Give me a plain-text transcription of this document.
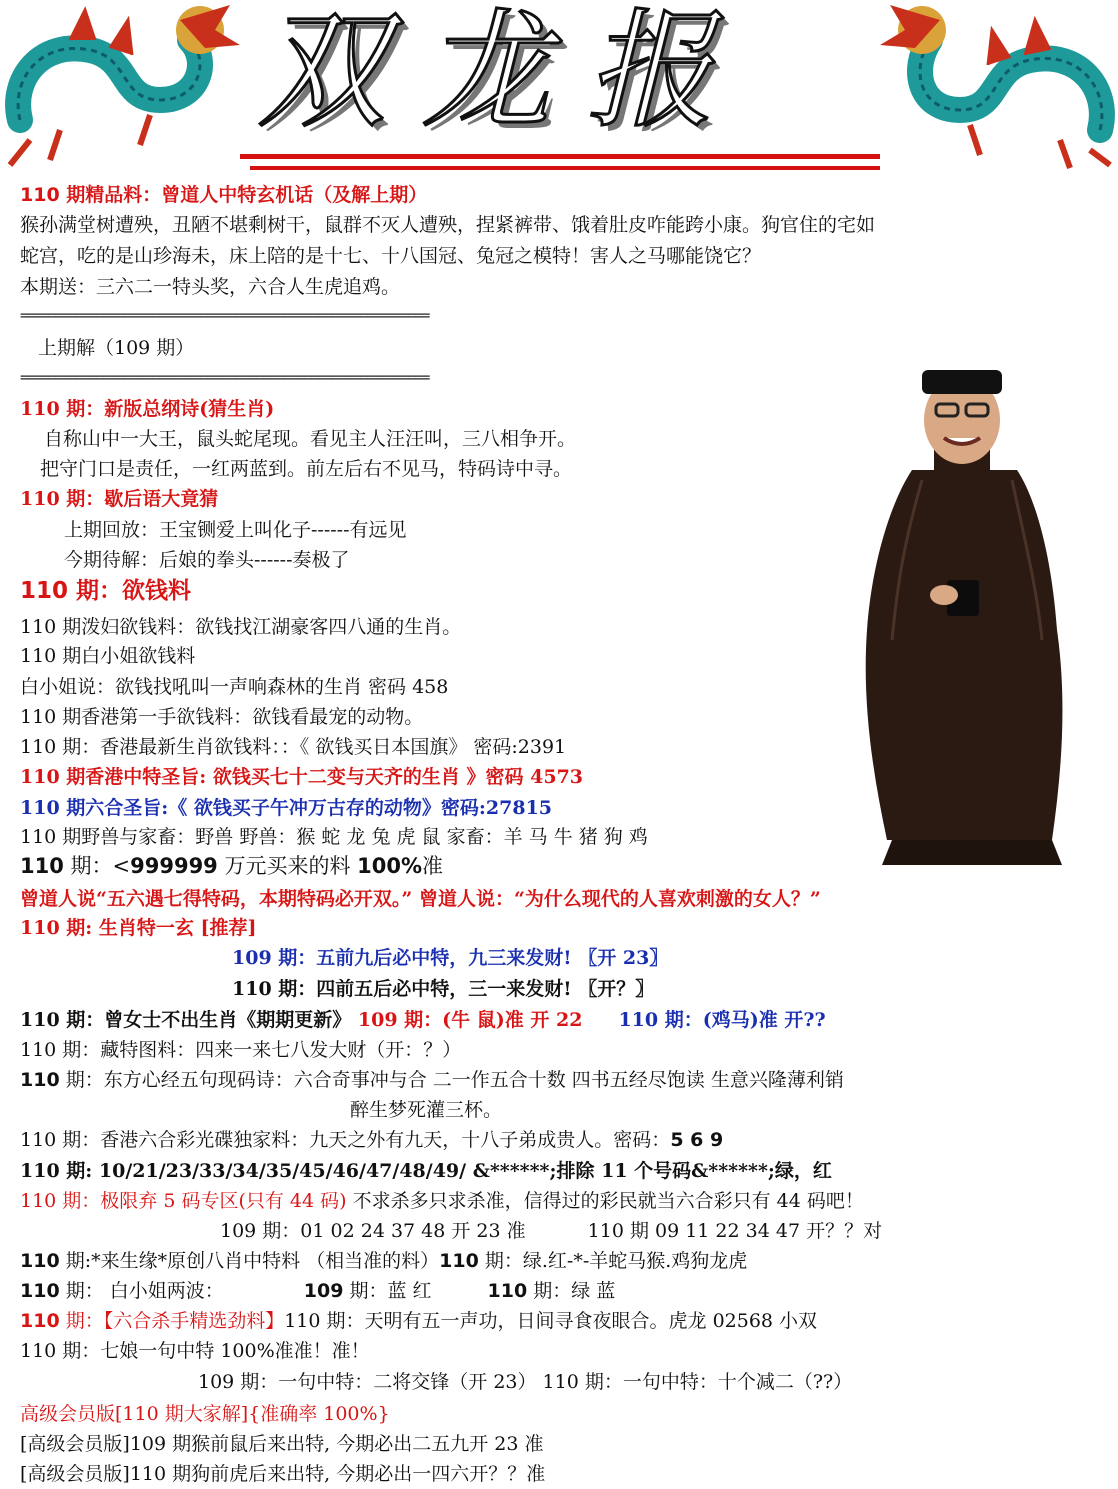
双龙报
110 期精品料：曾道人中特玄机话（及解上期）
猴孙满堂树遭殃，丑陋不堪剩树干，鼠群不灭人遭殃，捏紧裤带、饿着肚皮咋能跨小康。狗官住的宅如
蛇宫，吃的是山珍海未，床上陪的是十七、十八国冠、兔冠之模特！害人之马哪能饶它？
本期送：三六二一特头奖，六合人生虎追鸡。
===========================================================
上期解（109 期）
===========================================================
110 期：新版总纲诗(猜生肖)
自称山中一大王，鼠头蛇尾现。看见主人汪汪叫，三八相争开。
把守门口是责任，一红两蓝到。前左后右不见马，特码诗中寻。
110 期：歇后语大竟猜
上期回放：王宝铡爱上叫化子------有远见
今期待解：后娘的拳头------奏极了
110 期：欲钱料
110 期泼妇欲钱料：欲钱找江湖豪客四八通的生肖。
110 期白小姐欲钱料
白小姐说：欲钱找吼叫一声响森林的生肖 密码 458
110 期香港第一手欲钱料：欲钱看最宠的动物。
110 期：香港最新生肖欲钱料：：《 欲钱买日本国旗》 密码:2391
110 期香港中特圣旨: 欲钱买七十二变与天齐的生肖 》密码 4573
110 期六合圣旨:《 欲钱买子午冲万古存的动物》密码:27815
110 期野兽与家畜：野兽 野兽：猴 蛇 龙 兔 虎 鼠 家畜：羊 马 牛 猪 狗 鸡
110 期：<999999 万元买来的料 100%准
曾道人说“五六遇七得特码，本期特码必开双。” 曾道人说：“为什么现代的人喜欢刺激的女人？”
110 期: 生肖特一玄 [推荐]
109 期：五前九后必中特，九三来发财! 〖开 23〗
110 期：四前五后必中特，三一来发财! 〖开？〗
110 期：曾女士不出生肖《期期更新》 109 期：(牛 鼠)准 开 22 110 期：(鸡马)准 开??
110 期：藏特图料：四来一来七八发大财（开：？）
110 期：东方心经五句现码诗：六合奇事冲与合 二一作五合十数 四书五经尽饱读 生意兴隆薄利销
醉生梦死灌三杯。
110 期：香港六合彩光碟独家料：九天之外有九天，十八子弟成贵人。密码：5 6 9
110 期: 10/21/23/33/34/35/45/46/47/48/49/ &******;排除 11 个号码&******;绿，红
110 期：极限弃 5 码专区(只有 44 码) 不求杀多只求杀准，信得过的彩民就当六合彩只有 44 码吧！
109 期：01 02 24 37 48 开 23 准	110 期 09 11 22 34 47 开？？对
110 期:*来生缘*原创八肖中特料 （相当准的料）110 期：绿.红-*-羊蛇马猴.鸡狗龙虎
110 期： 白小姐两波：	109 期：蓝 红	110 期：绿 蓝
110 期：【六合杀手精选劲料】110 期：天明有五一声功，日间寻食夜眼合。虎龙 02568 小双
110 期：七娘一句中特 100%准准！准！
109 期：一句中特：二将交锋（开 23） 110 期：一句中特：十个减二（??）
高级会员版[110 期大家解]{准确率 100%}
[高级会员版]109 期猴前鼠后来出特, 今期必出二五九开 23 准
[高级会员版]110 期狗前虎后来出特, 今期必出一四六开？？准
